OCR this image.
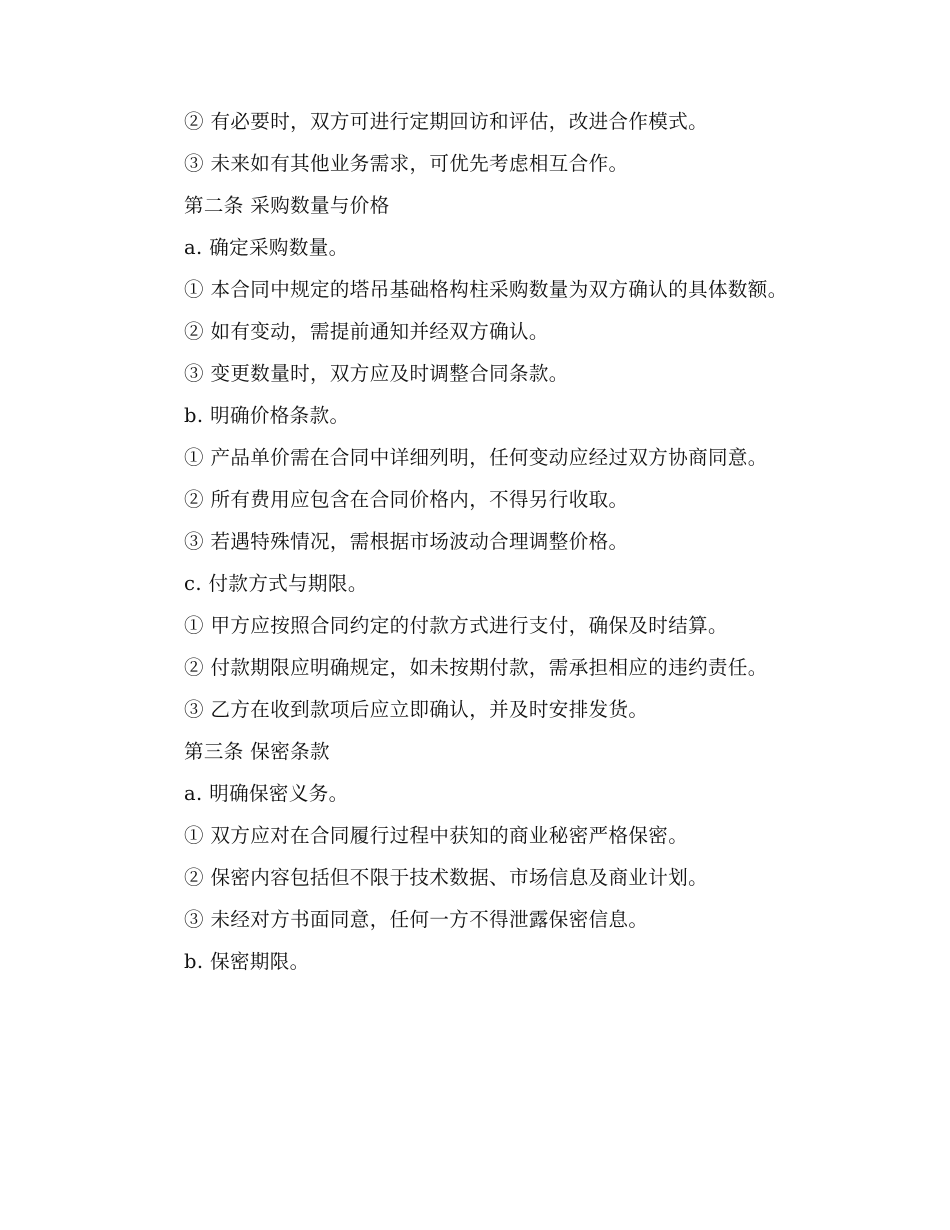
② 有必要时，双方可进行定期回访和评估，改进合作模式。

③ 未来如有其他业务需求，可优先考虑相互合作。

第二条 采购数量与价格

a. 确定采购数量。

① 本合同中规定的塔吊基础格构柱采购数量为双方确认的具体数额。

② 如有变动，需提前通知并经双方确认。

③ 变更数量时，双方应及时调整合同条款。

b. 明确价格条款。

① 产品单价需在合同中详细列明，任何变动应经过双方协商同意。

② 所有费用应包含在合同价格内，不得另行收取。

③ 若遇特殊情况，需根据市场波动合理调整价格。

c. 付款方式与期限。

① 甲方应按照合同约定的付款方式进行支付，确保及时结算。

② 付款期限应明确规定，如未按期付款，需承担相应的违约责任。

③ 乙方在收到款项后应立即确认，并及时安排发货。

第三条 保密条款

a. 明确保密义务。

① 双方应对在合同履行过程中获知的商业秘密严格保密。

② 保密内容包括但不限于技术数据、市场信息及商业计划。

③ 未经对方书面同意，任何一方不得泄露保密信息。

b. 保密期限。
